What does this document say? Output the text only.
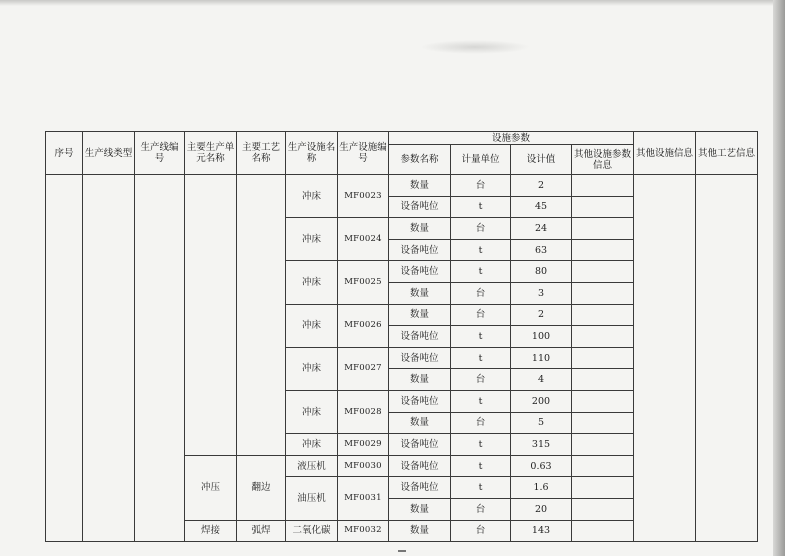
序号	生产线类型	生产线编号	主要生产单元名称	主要工艺名称	生产设施名称	生产设施编号	设施参数				其他设施信息	其他工艺信息
							参数名称	计量单位	设计值	其他设施参数信息		
					冲床	MF0023	数量	台	2			
							设备吨位	t	45			
					冲床	MF0024	数量	台	24			
							设备吨位	t	63			
					冲床	MF0025	设备吨位	t	80			
							数量	台	3			
					冲床	MF0026	数量	台	2			
							设备吨位	t	100			
					冲床	MF0027	设备吨位	t	110			
							数量	台	4			
					冲床	MF0028	设备吨位	t	200			
							数量	台	5			
					冲床	MF0029	设备吨位	t	315			
			冲压	翻边	液压机	MF0030	设备吨位	t	0.63			
					油压机	MF0031	设备吨位	t	1.6			
							数量	台	20			
			焊接	弧焊	二氧化碳	MF0032	数量	台	143			
